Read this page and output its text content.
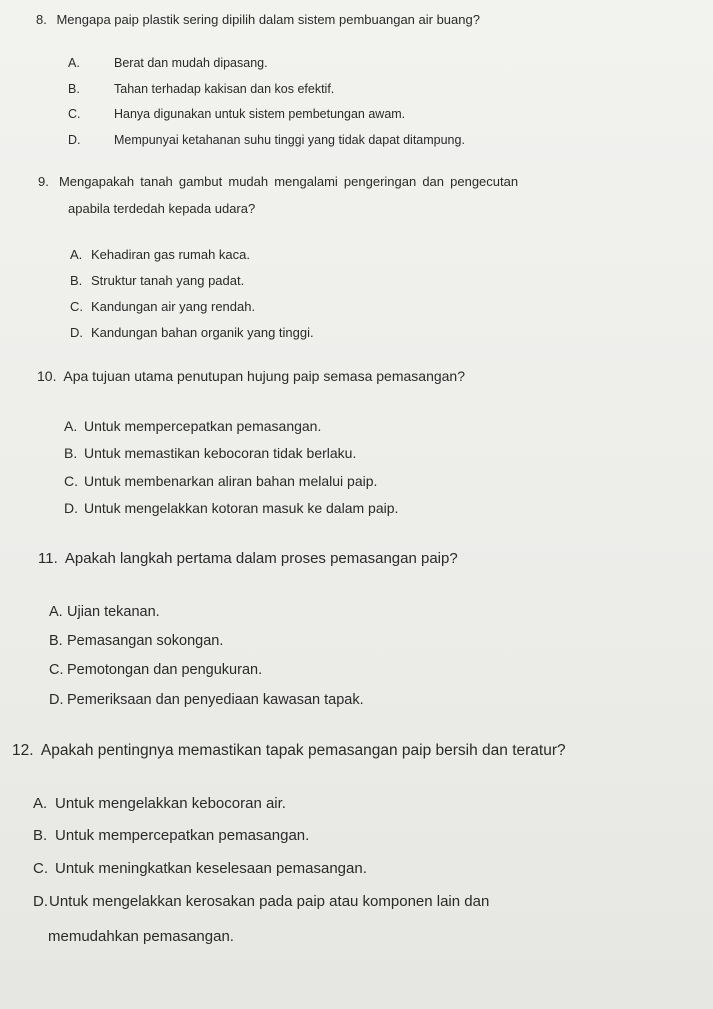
8. Mengapa paip plastik sering dipilih dalam sistem pembuangan air buang?
A.	Berat dan mudah dipasang.
B.	Tahan terhadap kakisan dan kos efektif.
C.	Hanya digunakan untuk sistem pembetungan awam.
D.	Mempunyai ketahanan suhu tinggi yang tidak dapat ditampung.
9. Mengapakah tanah gambut mudah mengalami pengeringan dan pengecutan
apabila terdedah kepada udara?
A. Kehadiran gas rumah kaca.
B. Struktur tanah yang padat.
C. Kandungan air yang rendah.
D. Kandungan bahan organik yang tinggi.
10. Apa tujuan utama penutupan hujung paip semasa pemasangan?
A. Untuk mempercepatkan pemasangan.
B. Untuk memastikan kebocoran tidak berlaku.
C. Untuk membenarkan aliran bahan melalui paip.
D. Untuk mengelakkan kotoran masuk ke dalam paip.
11. Apakah langkah pertama dalam proses pemasangan paip?
A. Ujian tekanan.
B. Pemasangan sokongan.
C. Pemotongan dan pengukuran.
D. Pemeriksaan dan penyediaan kawasan tapak.
12. Apakah pentingnya memastikan tapak pemasangan paip bersih dan teratur?
A. Untuk mengelakkan kebocoran air.
B. Untuk mempercepatkan pemasangan.
C. Untuk meningkatkan keselesaan pemasangan.
D.Untuk mengelakkan kerosakan pada paip atau komponen lain dan
memudahkan pemasangan.
